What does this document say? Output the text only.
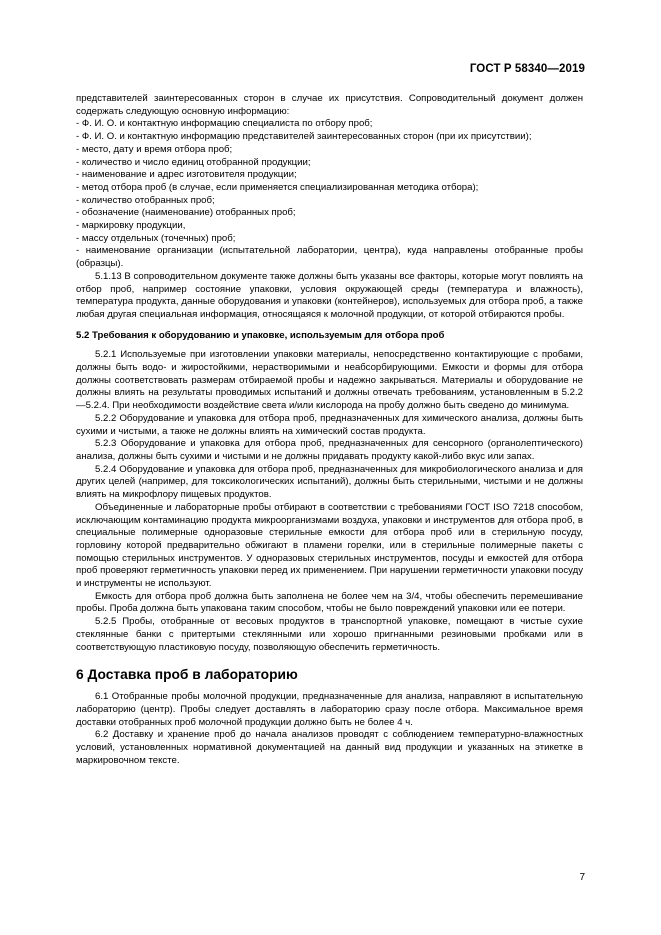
ГОСТ Р 58340—2019

представителей заинтересованных сторон в случае их присутствия. Сопроводительный документ должен содержать следующую основную информацию:

- Ф. И. О. и контактную информацию специалиста по отбору проб;
- Ф. И. О. и контактную информацию представителей заинтересованных сторон (при их присутствии);
- место, дату и время отбора проб;
- количество и число единиц отобранной продукции;
- наименование и адрес изготовителя продукции;
- метод отбора проб (в случае, если применяется специализированная методика отбора);
- количество отобранных проб;
- обозначение (наименование) отобранных проб;
- маркировку продукции,
- массу отдельных (точечных) проб;
- наименование организации (испытательной лаборатории, центра), куда направлены отобранные пробы (образцы).

5.1.13 В сопроводительном документе также должны быть указаны все факторы, которые могут повлиять на отбор проб, например состояние упаковки, условия окружающей среды (температура и влажность), температура продукта, данные оборудования и упаковки (контейнеров), используемых для отбора проб, а также любая другая специальная информация, относящаяся к молочной продукции, от которой отбираются пробы.

5.2 Требования к оборудованию и упаковке, используемым для отбора проб

5.2.1 Используемые при изготовлении упаковки материалы, непосредственно контактирующие с пробами, должны быть водо- и жиростойкими, нерастворимыми и неабсорбирующими. Емкости и формы для отбора должны соответствовать размерам отбираемой пробы и надежно закрываться. Материалы и оборудование не должны влиять на результаты проводимых испытаний и должны отвечать требованиям, установленным в 5.2.2—5.2.4. При необходимости воздействие света и/или кислорода на пробу должно быть сведено до минимума.

5.2.2 Оборудование и упаковка для отбора проб, предназначенных для химического анализа, должны быть сухими и чистыми, а также не должны влиять на химический состав продукта.

5.2.3 Оборудование и упаковка для отбора проб, предназначенных для сенсорного (органолептического) анализа, должны быть сухими и чистыми и не должны придавать продукту какой-либо вкус или запах.

5.2.4 Оборудование и упаковка для отбора проб, предназначенных для микробиологического анализа и для других целей (например, для токсикологических испытаний), должны быть стерильными, чистыми и не должны влиять на микрофлору пищевых продуктов.

Объединенные и лабораторные пробы отбирают в соответствии с требованиями ГОСТ ISO 7218 способом, исключающим контаминацию продукта микроорганизмами воздуха, упаковки и инструментов для отбора проб, в специальные полимерные одноразовые стерильные емкости для отбора проб или в стерильную посуду, горловину которой предварительно обжигают в пламени горелки, или в стерильные полимерные пакеты с помощью стерильных инструментов. У одноразовых стерильных инструментов, посуды и емкостей для отбора проб проверяют герметичность упаковки перед их применением. При нарушении герметичности упаковки посуду и инструменты не используют.

Емкость для отбора проб должна быть заполнена не более чем на 3/4, чтобы обеспечить перемешивание пробы. Проба должна быть упакована таким способом, чтобы не было повреждений упаковки или ее потери.

5.2.5 Пробы, отобранные от весовых продуктов в транспортной упаковке, помещают в чистые сухие стеклянные банки с притертыми стеклянными или хорошо пригнанными резиновыми пробками или в соответствующую пластиковую посуду, позволяющую обеспечить герметичность.

6 Доставка проб в лабораторию

6.1 Отобранные пробы молочной продукции, предназначенные для анализа, направляют в испытательную лабораторию (центр). Пробы следует доставлять в лабораторию сразу после отбора. Максимальное время доставки отобранных проб молочной продукции должно быть не более 4 ч.

6.2 Доставку и хранение проб до начала анализов проводят с соблюдением температурно-влажностных условий, установленных нормативной документацией на данный вид продукции и указанных на этикетке в маркировочном тексте.

7
